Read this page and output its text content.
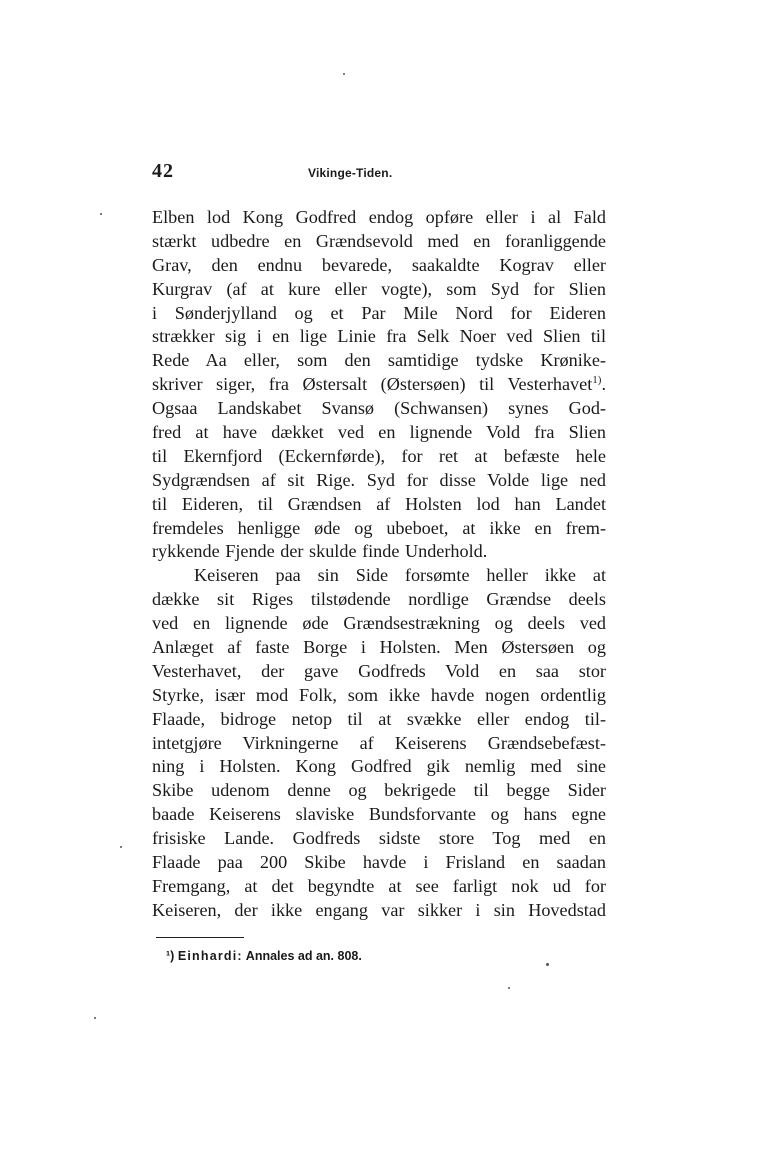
42	Vikinge-Tiden.
Elben lod Kong Godfred endog opføre eller i al Fald
stærkt udbedre en Grændsevold med en foranliggende
Grav, den endnu bevarede, saakaldte Kograv eller
Kurgrav (af at kure eller vogte), som Syd for Slien
i Sønderjylland og et Par Mile Nord for Eideren
strækker sig i en lige Linie fra Selk Noer ved Slien til
Rede Aa eller, som den samtidige tydske Krønike-
skriver siger, fra Østersalt (Østersøen) til Vesterhavet$^{1)}$.
Ogsaa Landskabet Svansø (Schwansen) synes God-
fred at have dækket ved en lignende Vold fra Slien
til Ekernfjord (Eckernførde), for ret at befæste hele
Sydgrændsen af sit Rige. Syd for disse Volde lige ned
til Eideren, til Grændsen af Holsten lod han Landet
fremdeles henligge øde og ubeboet, at ikke en frem-
rykkende Fjende der skulde finde Underhold.
Keiseren paa sin Side forsømte heller ikke at
dække sit Riges tilstødende nordlige Grændse deels
ved en lignende øde Grændsestrækning og deels ved
Anlæget af faste Borge i Holsten. Men Østersøen og
Vesterhavet, der gave Godfreds Vold en saa stor
Styrke, især mod Folk, som ikke havde nogen ordentlig
Flaade, bidroge netop til at svække eller endog til-
intetgjøre Virkningerne af Keiserens Grændsebefæst-
ning i Holsten. Kong Godfred gik nemlig med sine
Skibe udenom denne og bekrigede til begge Sider
baade Keiserens slaviske Bundsforvante og hans egne
frisiske Lande. Godfreds sidste store Tog med en
Flaade paa 200 Skibe havde i Frisland en saadan
Fremgang, at det begyndte at see farligt nok ud for
Keiseren, der ikke engang var sikker i sin Hovedstad
¹) Einhardi: Annales ad an. 808.
